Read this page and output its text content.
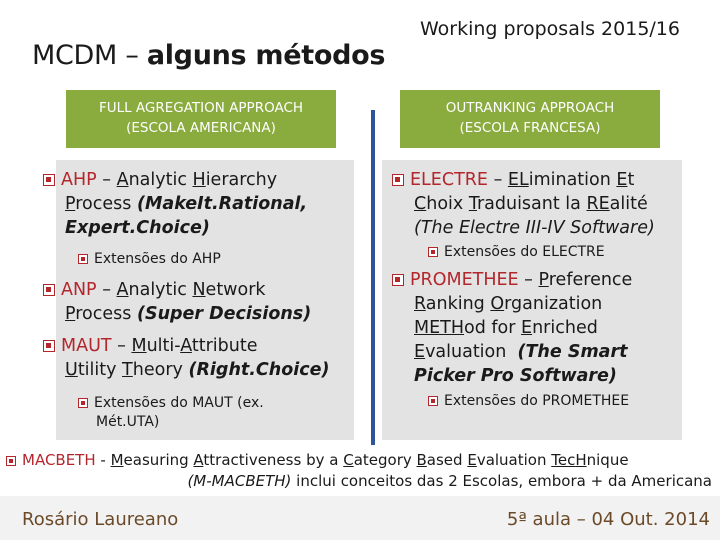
MCDM – alguns métodos
Working proposals 2015/16
FULL AGREGATION APPROACH
(ESCOLA AMERICANA)
OUTRANKING APPROACH
(ESCOLA FRANCESA)
AHP – Analytic Hierarchy
Process (MakeIt.Rational,
Expert.Choice)
Extensões do AHP
ANP – Analytic Network
Process (Super Decisions)
MAUT – Multi-Attribute
Utility Theory (Right.Choice)
Extensões do MAUT (ex.
Mét.UTA)
ELECTRE – ELimination Et
Choix Traduisant la REalité
(The Electre III-IV Software)
Extensões do ELECTRE
PROMETHEE – Preference
Ranking Organization
METHod for Enriched
Evaluation (The Smart
Picker Pro Software)
Extensões do PROMETHEE
MACBETH - Measuring Attractiveness by a Category Based Evaluation TecHnique
(M-MACBETH) inclui conceitos das 2 Escolas, embora + da Americana
Rosário Laureano	5ª aula – 04 Out. 2014
